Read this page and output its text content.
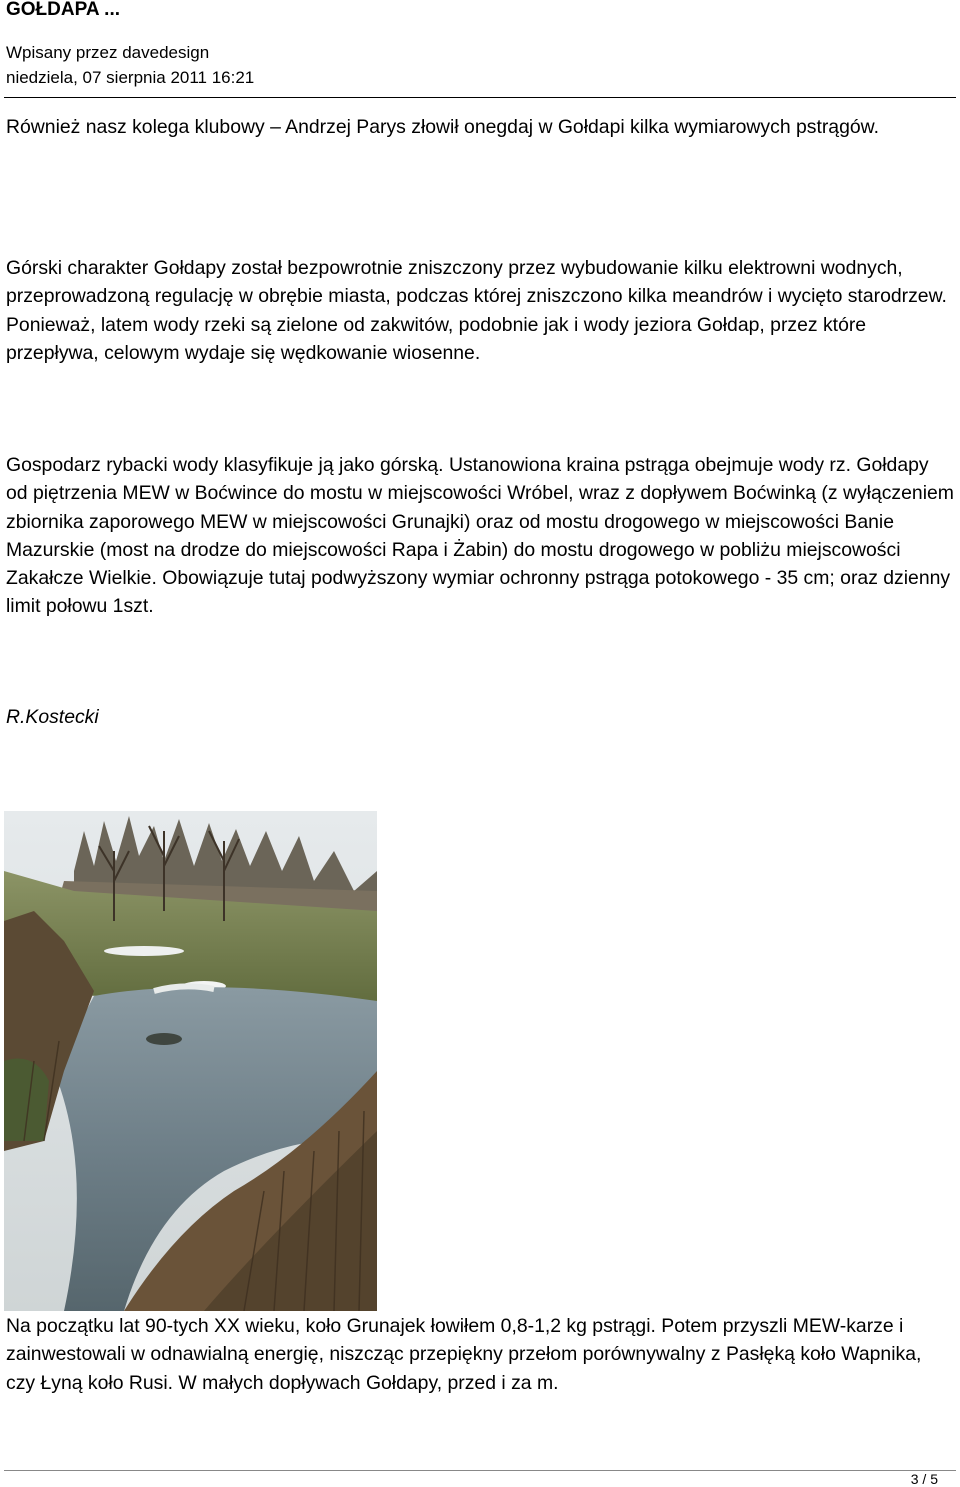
GOŁDAPA ...
Wpisany przez davedesign
niedziela, 07 sierpnia 2011 16:21

Również nasz kolega klubowy – Andrzej Parys złowił onegdaj w Gołdapi kilka wymiarowych pstrągów.

Górski charakter Gołdapy został bezpowrotnie zniszczony przez wybudowanie kilku elektrowni wodnych, przeprowadzoną regulację w obrębie miasta, podczas której zniszczono kilka meandrów i wycięto starodrzew. Ponieważ, latem wody rzeki są zielone od zakwitów, podobnie jak i wody jeziora Gołdap, przez które przepływa, celowym wydaje się wędkowanie wiosenne.

Gospodarz rybacki wody klasyfikuje ją jako górską. Ustanowiona kraina pstrąga obejmuje wody rz. Gołdapy od piętrzenia MEW w Boćwince do mostu w miejscowości Wróbel, wraz z dopływem Boćwinką (z wyłączeniem zbiornika zaporowego MEW w miejscowości Grunajki) oraz od mostu drogowego w miejscowości Banie Mazurskie (most na drodze do miejscowości Rapa i Żabin) do mostu drogowego w pobliżu miejscowości Zakałcze Wielkie. Obowiązuje tutaj podwyższony wymiar ochronny pstrąga potokowego - 35 cm; oraz dzienny limit połowu 1szt.

R.Kostecki

Na początku lat 90-tych XX wieku, koło Grunajek łowiłem 0,8-1,2 kg pstrągi. Potem przyszli MEW-karze i zainwestowali w odnawialną energię, niszcząc przepiękny przełom porównywalny z Pasłęką koło Wapnika, czy Łyną koło Rusi. W małych dopływach Gołdapy, przed i za m.

3 / 5
